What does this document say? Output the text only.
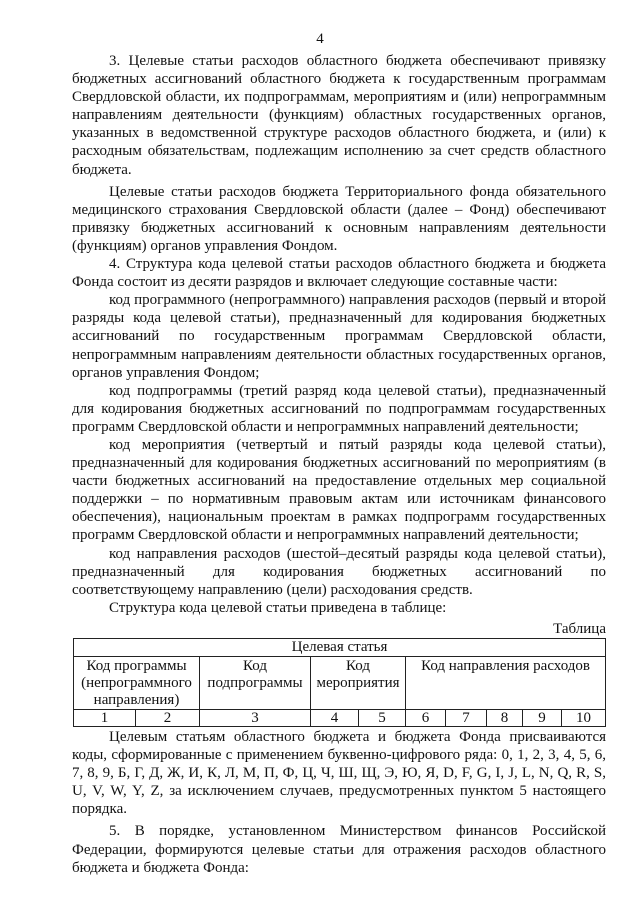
4

3. Целевые статьи расходов областного бюджета обеспечивают привязку бюджетных ассигнований областного бюджета к государственным программам Свердловской области, их подпрограммам, мероприятиям и (или) непрограммным направлениям деятельности (функциям) областных государственных органов, указанных в ведомственной структуре расходов областного бюджета, и (или) к расходным обязательствам, подлежащим исполнению за счет средств областного бюджета.

Целевые статьи расходов бюджета Территориального фонда обязательного медицинского страхования Свердловской области (далее – Фонд) обеспечивают привязку бюджетных ассигнований к основным направлениям деятельности (функциям) органов управления Фондом.

4. Структура кода целевой статьи расходов областного бюджета и бюджета Фонда состоит из десяти разрядов и включает следующие составные части:

код программного (непрограммного) направления расходов (первый и второй разряды кода целевой статьи), предназначенный для кодирования бюджетных ассигнований по государственным программам Свердловской области, непрограммным направлениям деятельности областных государственных органов, органов управления Фондом;

код подпрограммы (третий разряд кода целевой статьи), предназначенный для кодирования бюджетных ассигнований по подпрограммам государственных программ Свердловской области и непрограммных направлений деятельности;

код мероприятия (четвертый и пятый разряды кода целевой статьи), предназначенный для кодирования бюджетных ассигнований по мероприятиям (в части бюджетных ассигнований на предоставление отдельных мер социальной поддержки – по нормативным правовым актам или источникам финансового обеспечения), национальным проектам в рамках подпрограмм государственных программ Свердловской области и непрограммных направлений деятельности;

код направления расходов (шестой–десятый разряды кода целевой статьи), предназначенный для кодирования бюджетных ассигнований по соответствующему направлению (цели) расходования средств.

Структура кода целевой статьи приведена в таблице:

Таблица

Целевая статья									
Код программы (непрограммного направления)		Код подпрограммы	Код мероприятия		Код направления расходов				
1	2	3	4	5	6	7	8	9	10

Целевым статьям областного бюджета и бюджета Фонда присваиваются коды, сформированные с применением буквенно-цифрового ряда: 0, 1, 2, 3, 4, 5, 6, 7, 8, 9, Б, Г, Д, Ж, И, К, Л, М, П, Ф, Ц, Ч, Ш, Щ, Э, Ю, Я, D, F, G, I, J, L, N, Q, R, S, U, V, W, Y, Z, за исключением случаев, предусмотренных пунктом 5 настоящего порядка.

5. В порядке, установленном Министерством финансов Российской Федерации, формируются целевые статьи для отражения расходов областного бюджета и бюджета Фонда:
